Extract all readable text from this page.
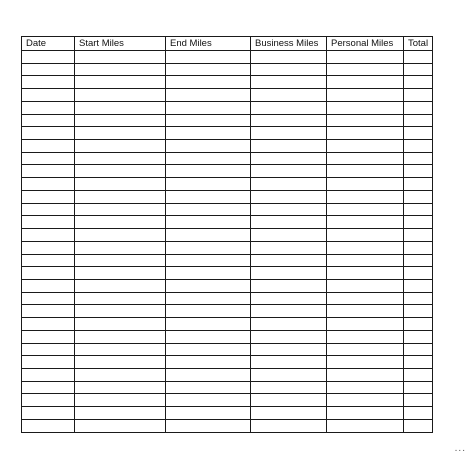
Date	Start Miles	End Miles	Business Miles	Personal Miles	Total

...
